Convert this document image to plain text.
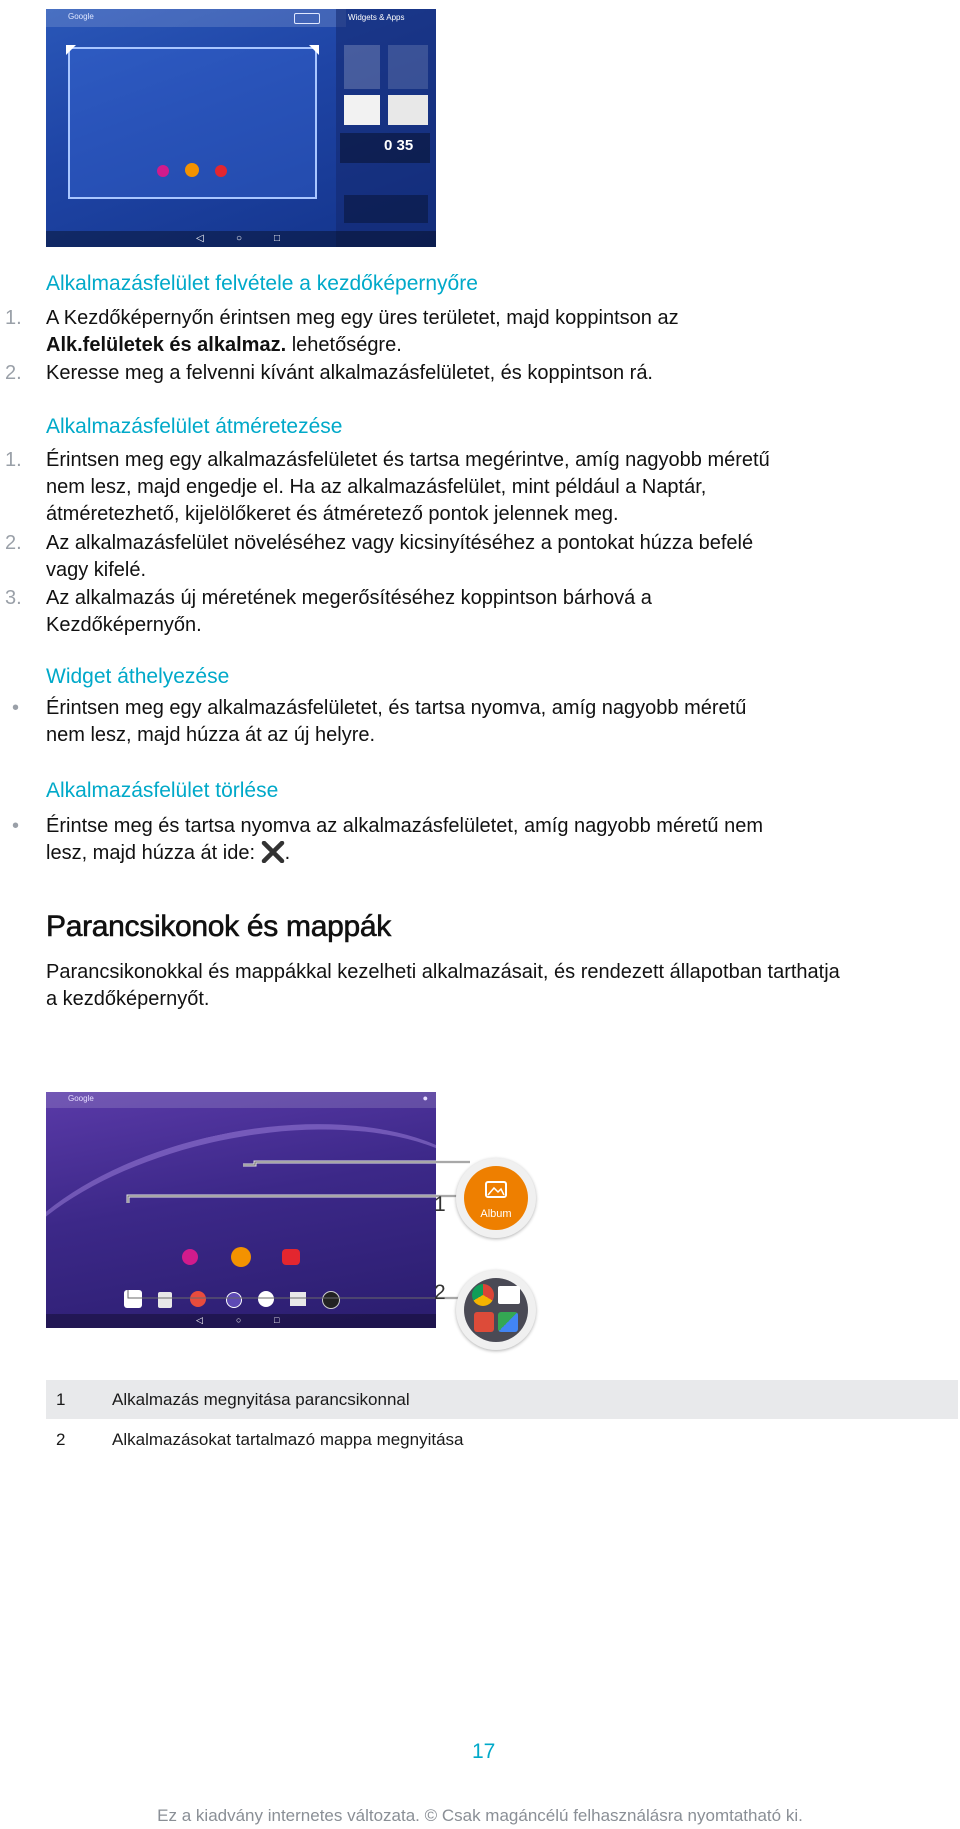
Google	Widgets & Apps
0 35
◁	○	□
Alkalmazásfelület felvétele a kezdőképernyőre
1. A Kezdőképernyőn érintsen meg egy üres területet, majd koppintson az
Alk.felületek és alkalmaz. lehetőségre.
2. Keresse meg a felvenni kívánt alkalmazásfelületet, és koppintson rá.
Alkalmazásfelület átméretezése
1. Érintsen meg egy alkalmazásfelületet és tartsa megérintve, amíg nagyobb méretű
nem lesz, majd engedje el. Ha az alkalmazásfelület, mint például a Naptár,
átméretezhető, kijelölőkeret és átméretező pontok jelennek meg.
2. Az alkalmazásfelület növeléséhez vagy kicsinyítéséhez a pontokat húzza befelé
vagy kifelé.
3. Az alkalmazás új méretének megerősítéséhez koppintson bárhová a
Kezdőképernyőn.
Widget áthelyezése
• Érintsen meg egy alkalmazásfelületet, és tartsa nyomva, amíg nagyobb méretű
nem lesz, majd húzza át az új helyre.
Alkalmazásfelület törlése
• Érintse meg és tartsa nyomva az alkalmazásfelületet, amíg nagyobb méretű nem
lesz, majd húzza át ide: .
Parancsikonok és mappák
Parancsikonokkal és mappákkal kezelheti alkalmazásait, és rendezett állapotban tarthatja
a kezdőképernyőt.
Google	●
◁	○	□
1
2
Album
1	Alkalmazás megnyitása parancsikonnal
2	Alkalmazásokat tartalmazó mappa megnyitása
17
Ez a kiadvány internetes változata. © Csak magáncélú felhasználásra nyomtatható ki.
